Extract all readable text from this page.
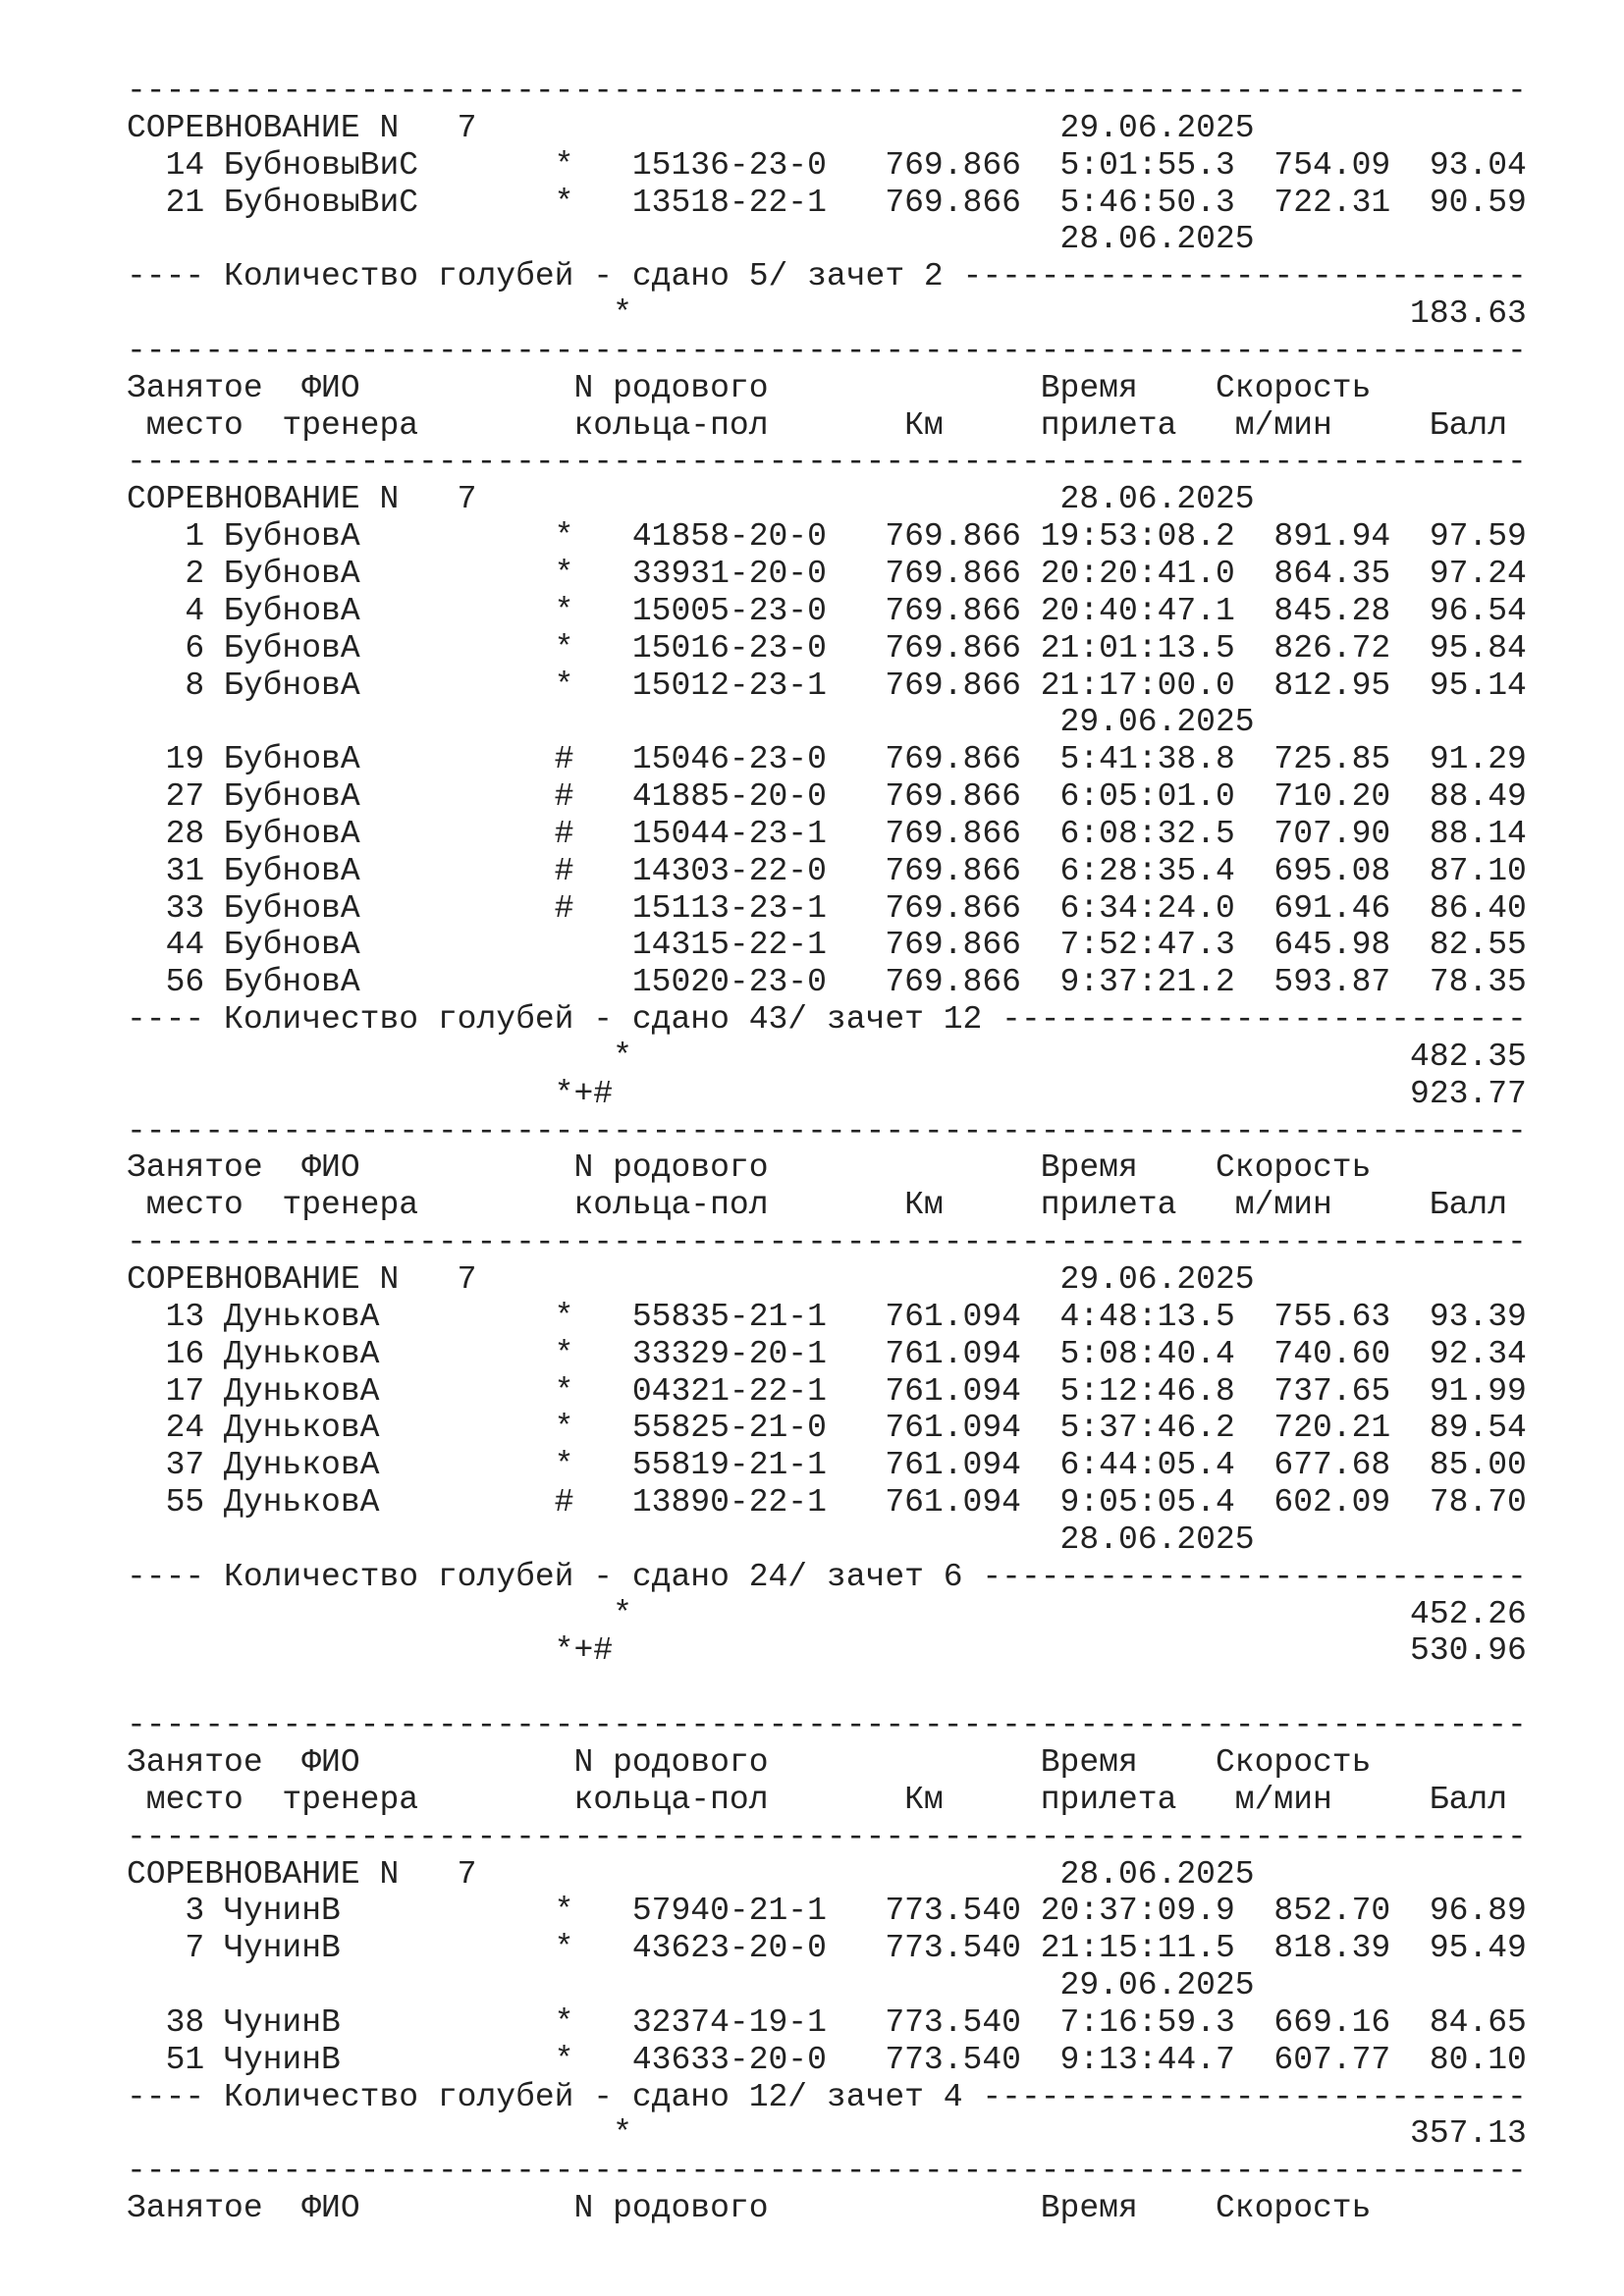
------------------------------------------------------------------------
СОРЕВНОВАНИЕ N   7                              29.06.2025
14 БубновыВиС       *   15136-23-0   769.866  5:01:55.3  754.09  93.04
21 БубновыВиС       *   13518-22-1   769.866  5:46:50.3  722.31  90.59
28.06.2025
---- Количество голубей - сдано 5/ зачет 2 -----------------------------
*                                        183.63
------------------------------------------------------------------------
Занятое  ФИО           N родового              Время    Скорость
место  тренера        кольца-пол       Км     прилета   м/мин     Балл
------------------------------------------------------------------------
СОРЕВНОВАНИЕ N   7                              28.06.2025
1 БубновА          *   41858-20-0   769.866 19:53:08.2  891.94  97.59
2 БубновА          *   33931-20-0   769.866 20:20:41.0  864.35  97.24
4 БубновА          *   15005-23-0   769.866 20:40:47.1  845.28  96.54
6 БубновА          *   15016-23-0   769.866 21:01:13.5  826.72  95.84
8 БубновА          *   15012-23-1   769.866 21:17:00.0  812.95  95.14
29.06.2025
19 БубновА          #   15046-23-0   769.866  5:41:38.8  725.85  91.29
27 БубновА          #   41885-20-0   769.866  6:05:01.0  710.20  88.49
28 БубновА          #   15044-23-1   769.866  6:08:32.5  707.90  88.14
31 БубновА          #   14303-22-0   769.866  6:28:35.4  695.08  87.10
33 БубновА          #   15113-23-1   769.866  6:34:24.0  691.46  86.40
44 БубновА              14315-22-1   769.866  7:52:47.3  645.98  82.55
56 БубновА              15020-23-0   769.866  9:37:21.2  593.87  78.35
---- Количество голубей - сдано 43/ зачет 12 ---------------------------
*                                        482.35
*+#                                         923.77
------------------------------------------------------------------------
Занятое  ФИО           N родового              Время    Скорость
место  тренера        кольца-пол       Км     прилета   м/мин     Балл
------------------------------------------------------------------------
СОРЕВНОВАНИЕ N   7                              29.06.2025
13 ДуньковА         *   55835-21-1   761.094  4:48:13.5  755.63  93.39
16 ДуньковА         *   33329-20-1   761.094  5:08:40.4  740.60  92.34
17 ДуньковА         *   04321-22-1   761.094  5:12:46.8  737.65  91.99
24 ДуньковА         *   55825-21-0   761.094  5:37:46.2  720.21  89.54
37 ДуньковА         *   55819-21-1   761.094  6:44:05.4  677.68  85.00
55 ДуньковА         #   13890-22-1   761.094  9:05:05.4  602.09  78.70
28.06.2025
---- Количество голубей - сдано 24/ зачет 6 ----------------------------
*                                        452.26
*+#                                         530.96
------------------------------------------------------------------------
Занятое  ФИО           N родового              Время    Скорость
место  тренера        кольца-пол       Км     прилета   м/мин     Балл
------------------------------------------------------------------------
СОРЕВНОВАНИЕ N   7                              28.06.2025
3 ЧунинВ           *   57940-21-1   773.540 20:37:09.9  852.70  96.89
7 ЧунинВ           *   43623-20-0   773.540 21:15:11.5  818.39  95.49
29.06.2025
38 ЧунинВ           *   32374-19-1   773.540  7:16:59.3  669.16  84.65
51 ЧунинВ           *   43633-20-0   773.540  9:13:44.7  607.77  80.10
---- Количество голубей - сдано 12/ зачет 4 ----------------------------
*                                        357.13
------------------------------------------------------------------------
Занятое  ФИО           N родового              Время    Скорость
